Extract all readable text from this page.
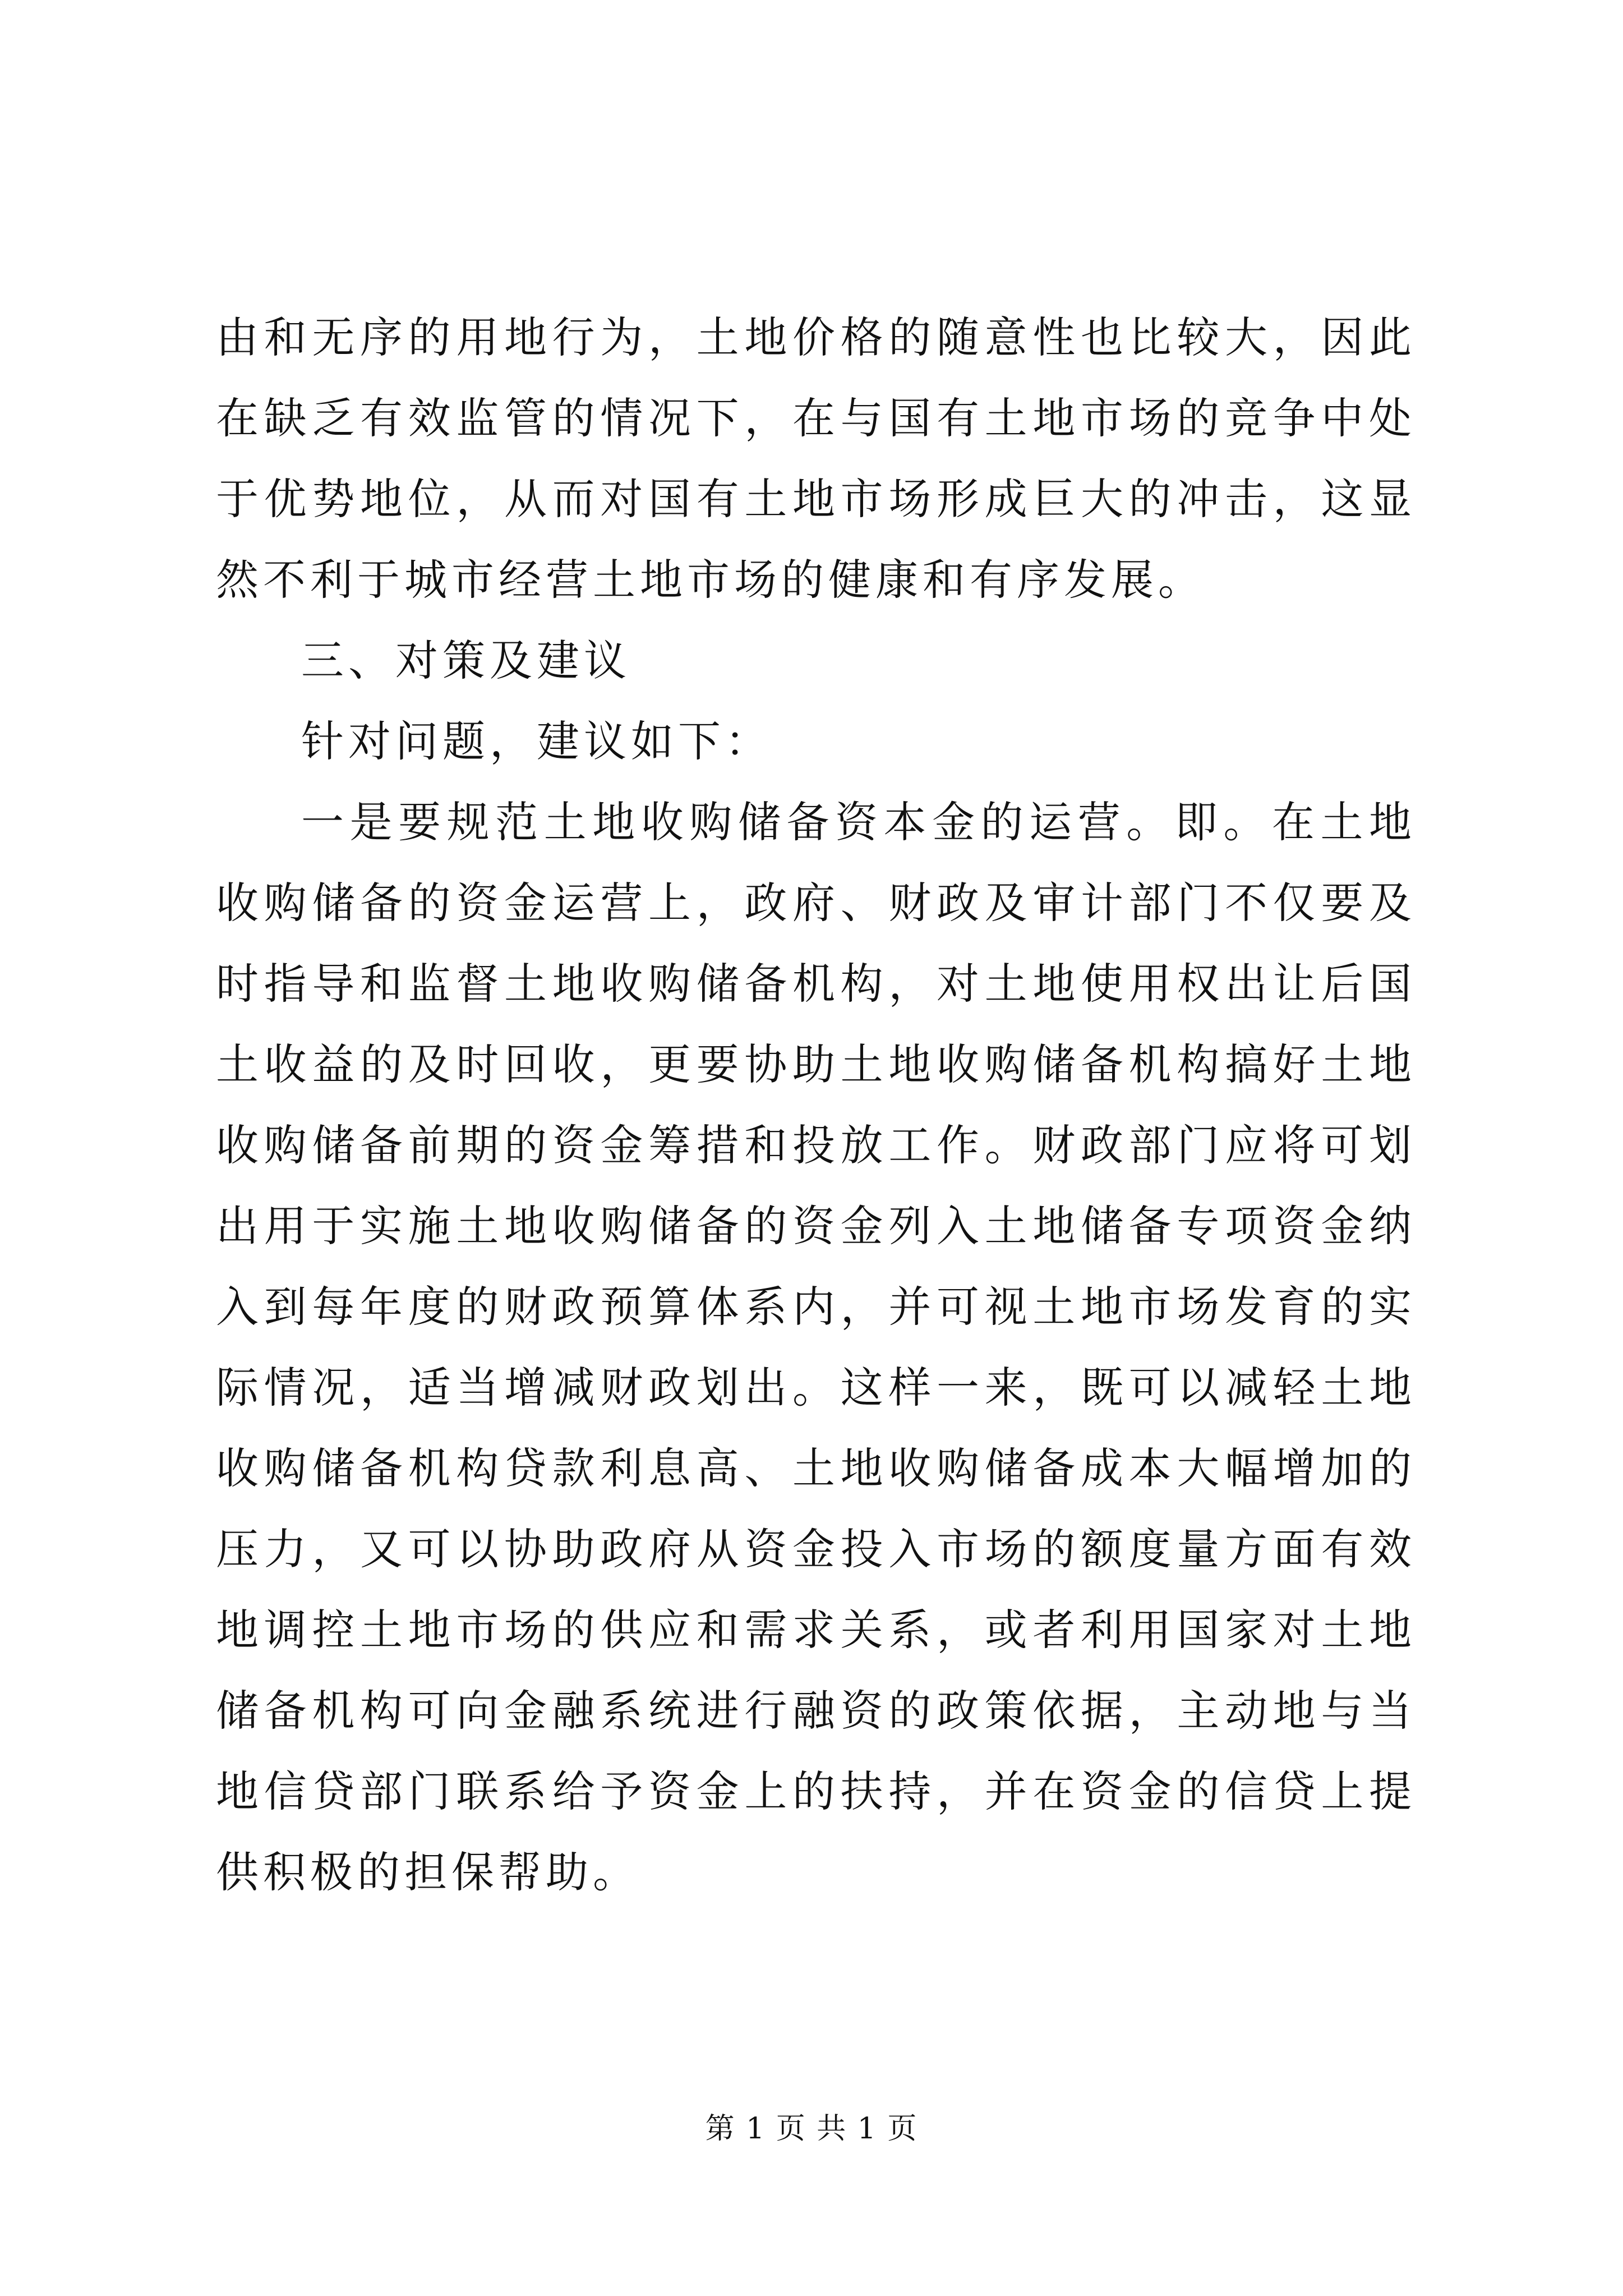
由和无序的用地行为，土地价格的随意性也比较大，因此在缺乏有效监管的情况下，在与国有土地市场的竞争中处于优势地位，从而对国有土地市场形成巨大的冲击，这显然不利于城市经营土地市场的健康和有序发展。

三、对策及建议

针对问题，建议如下：

一是要规范土地收购储备资本金的运营。即。在土地收购储备的资金运营上，政府、财政及审计部门不仅要及时指导和监督土地收购储备机构，对土地使用权出让后国土收益的及时回收，更要协助土地收购储备机构搞好土地收购储备前期的资金筹措和投放工作。财政部门应将可划出用于实施土地收购储备的资金列入土地储备专项资金纳入到每年度的财政预算体系内，并可视土地市场发育的实际情况，适当增减财政划出。这样一来，既可以减轻土地收购储备机构贷款利息高、土地收购储备成本大幅增加的压力，又可以协助政府从资金投入市场的额度量方面有效地调控土地市场的供应和需求关系，或者利用国家对土地储备机构可向金融系统进行融资的政策依据，主动地与当地信贷部门联系给予资金上的扶持，并在资金的信贷上提供积极的担保帮助。

第 1 页 共 1 页
